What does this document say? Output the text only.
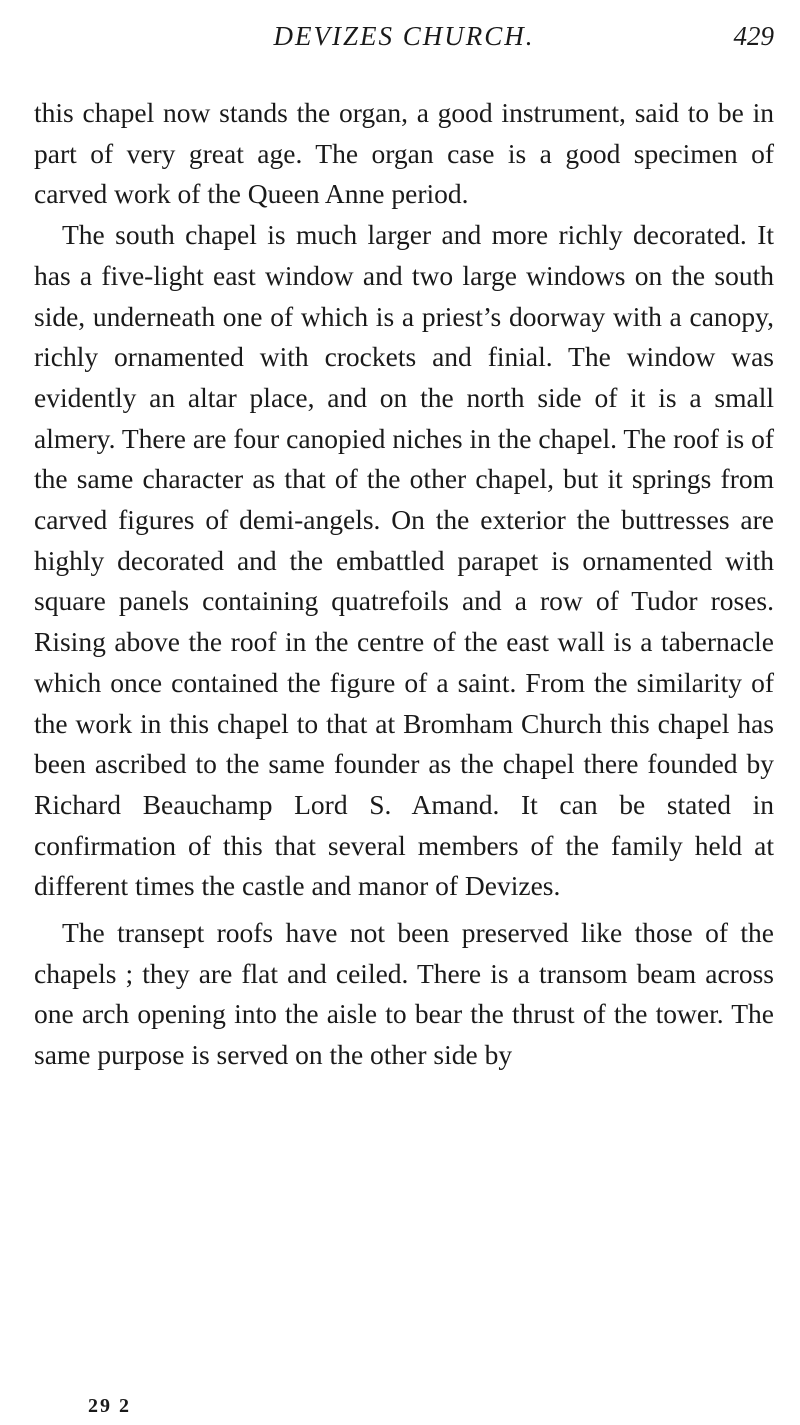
DEVIZES CHURCH.	429

this chapel now stands the organ, a good instrument, said to be in part of very great age. The organ case is a good specimen of carved work of the Queen Anne period.

The south chapel is much larger and more richly decorated. It has a five-light east window and two large windows on the south side, underneath one of which is a priest’s doorway with a canopy, richly ornamented with crockets and finial. The window was evidently an altar place, and on the north side of it is a small almery. There are four canopied niches in the chapel. The roof is of the same character as that of the other chapel, but it springs from carved figures of demi-angels. On the exterior the buttresses are highly decorated and the embattled parapet is ornamented with square panels containing quatrefoils and a row of Tudor roses. Rising above the roof in the centre of the east wall is a tabernacle which once contained the figure of a saint. From the similarity of the work in this chapel to that at Bromham Church this chapel has been ascribed to the same founder as the chapel there founded by Richard Beauchamp Lord S. Amand. It can be stated in confirmation of this that several members of the family held at different times the castle and manor of Devizes.

The transept roofs have not been preserved like those of the chapels ; they are flat and ceiled. There is a transom beam across one arch opening into the aisle to bear the thrust of the tower. The same purpose is served on the other side by

29 2
